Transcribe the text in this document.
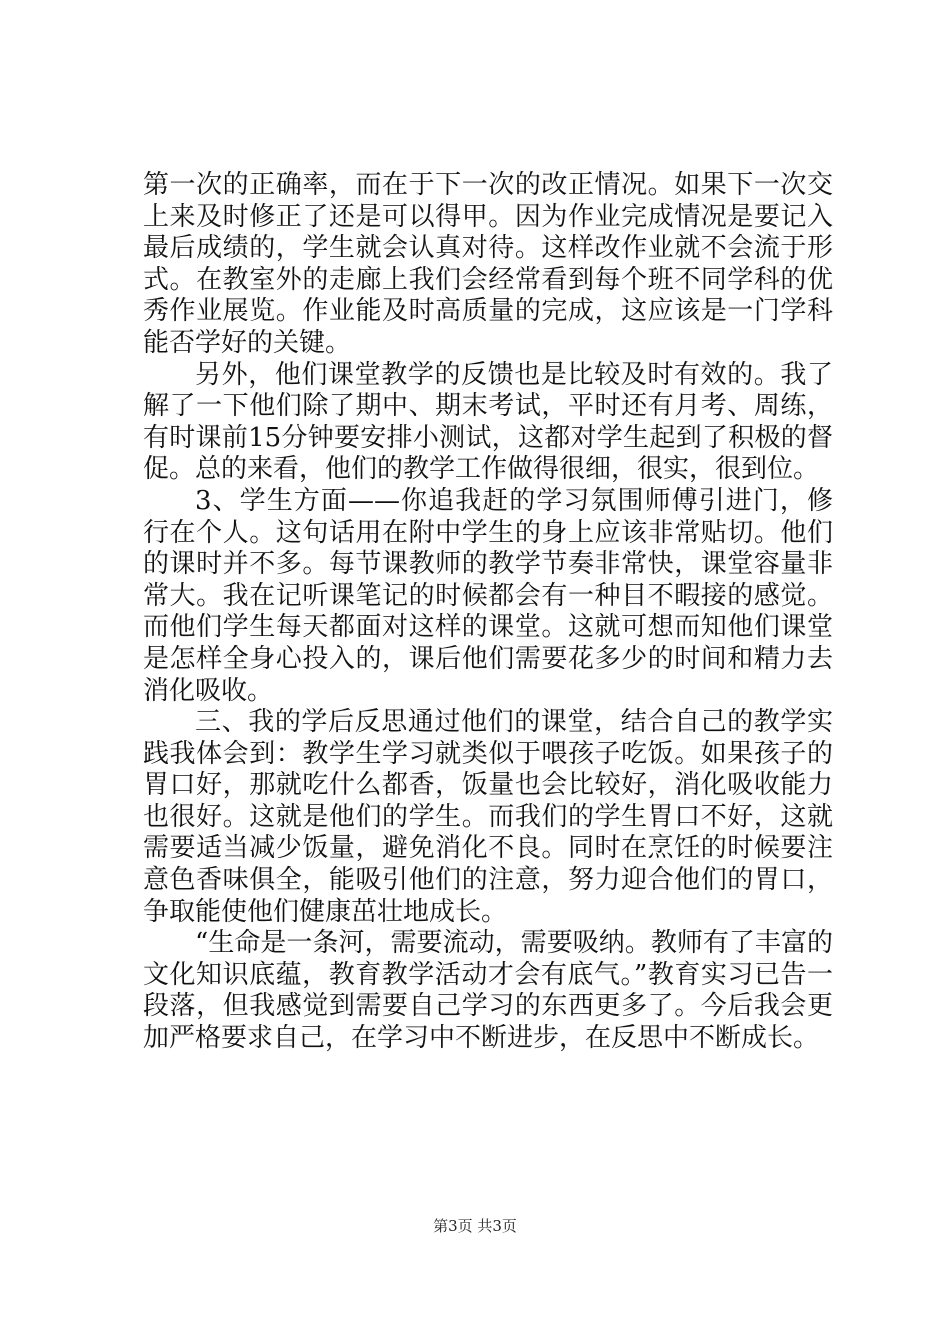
第一次的正确率，而在于下一次的改正情况。如果下一次交上来及时修正了还是可以得甲。因为作业完成情况是要记入最后成绩的，学生就会认真对待。这样改作业就不会流于形式。在教室外的走廊上我们会经常看到每个班不同学科的优秀作业展览。作业能及时高质量的完成，这应该是一门学科能否学好的关键。

另外，他们课堂教学的反馈也是比较及时有效的。我了解了一下他们除了期中、期末考试，平时还有月考、周练，有时课前15分钟要安排小测试，这都对学生起到了积极的督促。总的来看，他们的教学工作做得很细，很实，很到位。

3、学生方面——你追我赶的学习氛围师傅引进门，修行在个人。这句话用在附中学生的身上应该非常贴切。他们的课时并不多。每节课教师的教学节奏非常快，课堂容量非常大。我在记听课笔记的时候都会有一种目不暇接的感觉。而他们学生每天都面对这样的课堂。这就可想而知他们课堂是怎样全身心投入的，课后他们需要花多少的时间和精力去消化吸收。

三、我的学后反思通过他们的课堂，结合自己的教学实践我体会到：教学生学习就类似于喂孩子吃饭。如果孩子的胃口好，那就吃什么都香，饭量也会比较好，消化吸收能力也很好。这就是他们的学生。而我们的学生胃口不好，这就需要适当减少饭量，避免消化不良。同时在烹饪的时候要注意色香味俱全，能吸引他们的注意，努力迎合他们的胃口，争取能使他们健康茁壮地成长。

“生命是一条河，需要流动，需要吸纳。教师有了丰富的文化知识底蕴，教育教学活动才会有底气。”教育实习已告一段落，但我感觉到需要自己学习的东西更多了。今后我会更加严格要求自己，在学习中不断进步，在反思中不断成长。

第3页 共3页
